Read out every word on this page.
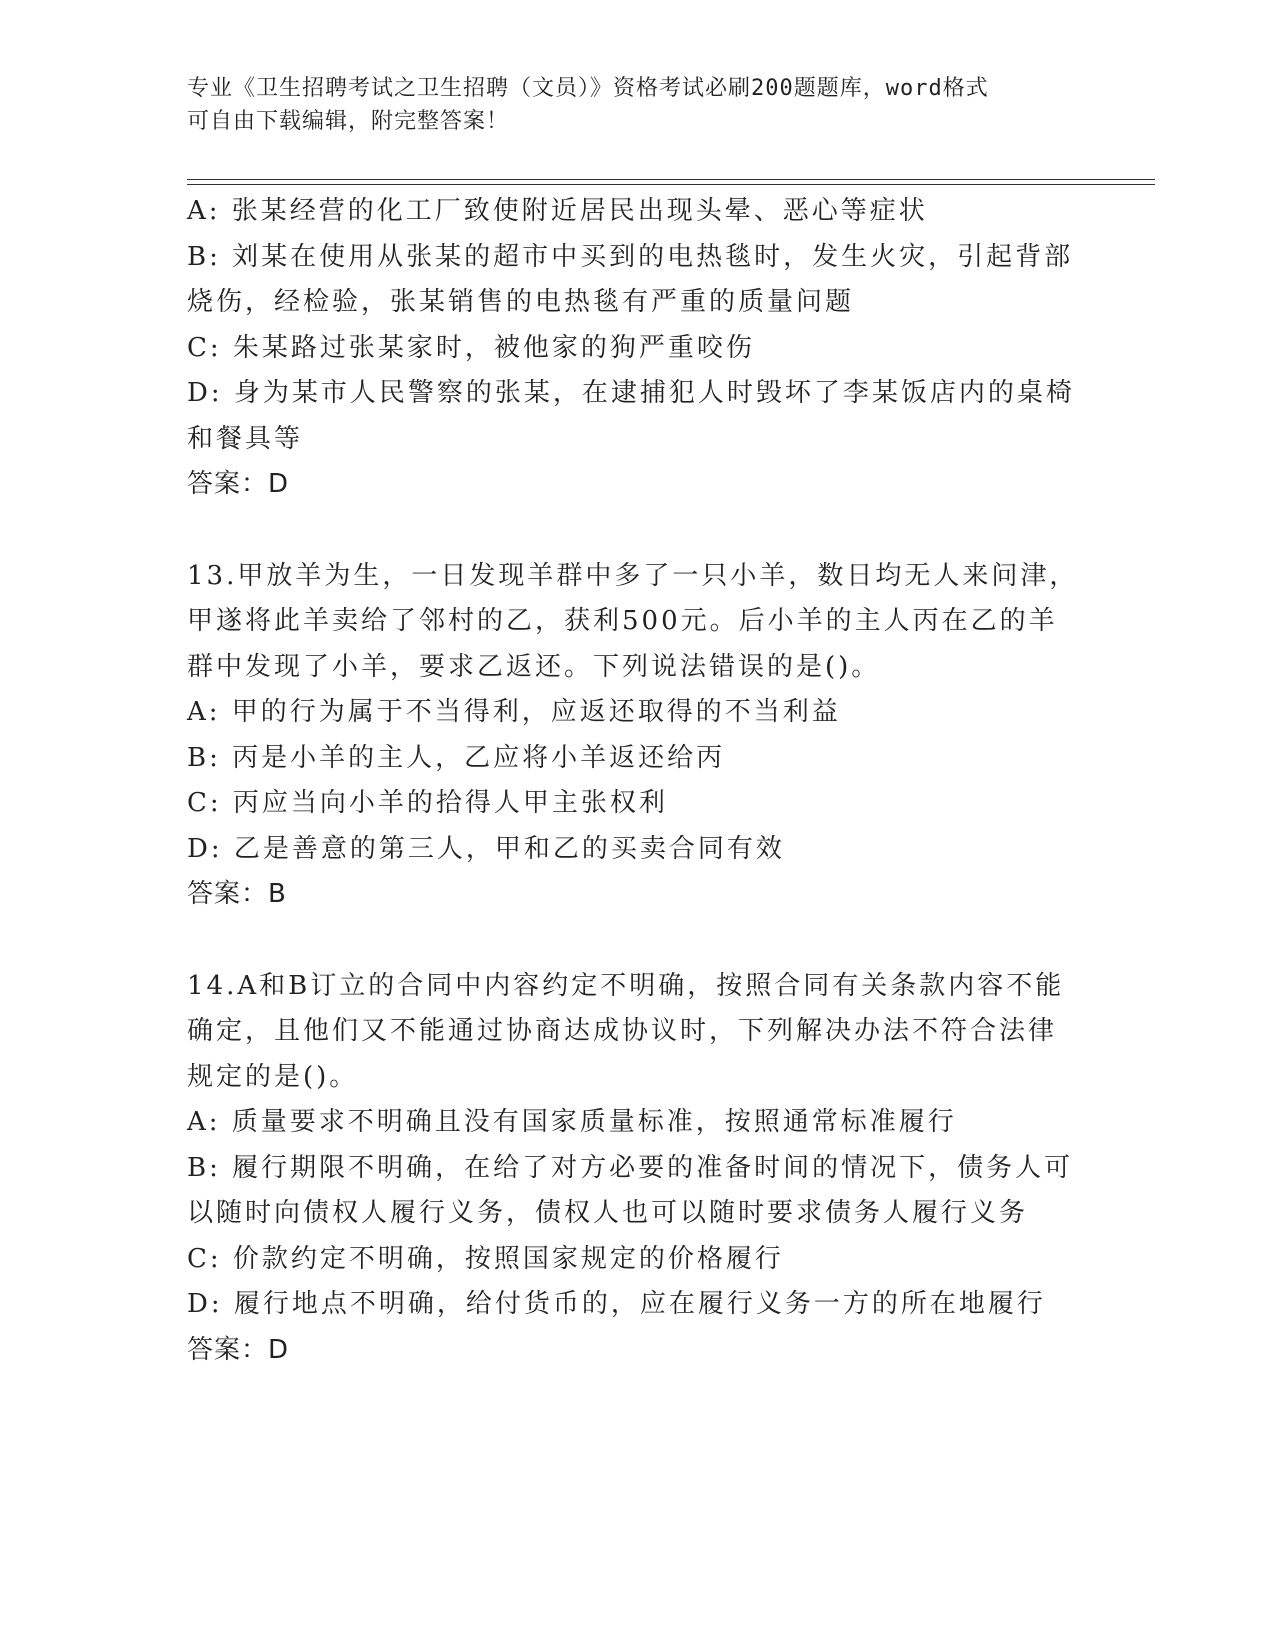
专业《卫生招聘考试之卫生招聘（文员）》资格考试必刷200题题库，word格式
可自由下载编辑，附完整答案！
A: 张某经营的化工厂致使附近居民出现头晕、恶心等症状
B: 刘某在使用从张某的超市中买到的电热毯时，发生火灾，引起背部
烧伤，经检验，张某销售的电热毯有严重的质量问题
C: 朱某路过张某家时，被他家的狗严重咬伤
D: 身为某市人民警察的张某，在逮捕犯人时毁坏了李某饭店内的桌椅
和餐具等
答案：D
13.甲放羊为生，一日发现羊群中多了一只小羊，数日均无人来问津，
甲遂将此羊卖给了邻村的乙，获利500元。后小羊的主人丙在乙的羊
群中发现了小羊，要求乙返还。下列说法错误的是()。
A: 甲的行为属于不当得利，应返还取得的不当利益
B: 丙是小羊的主人，乙应将小羊返还给丙
C: 丙应当向小羊的拾得人甲主张权利
D: 乙是善意的第三人，甲和乙的买卖合同有效
答案：B
14.A和B订立的合同中内容约定不明确，按照合同有关条款内容不能
确定，且他们又不能通过协商达成协议时，下列解决办法不符合法律
规定的是()。
A: 质量要求不明确且没有国家质量标准，按照通常标准履行
B: 履行期限不明确，在给了对方必要的准备时间的情况下，债务人可
以随时向债权人履行义务，债权人也可以随时要求债务人履行义务
C: 价款约定不明确，按照国家规定的价格履行
D: 履行地点不明确，给付货币的，应在履行义务一方的所在地履行
答案：D
